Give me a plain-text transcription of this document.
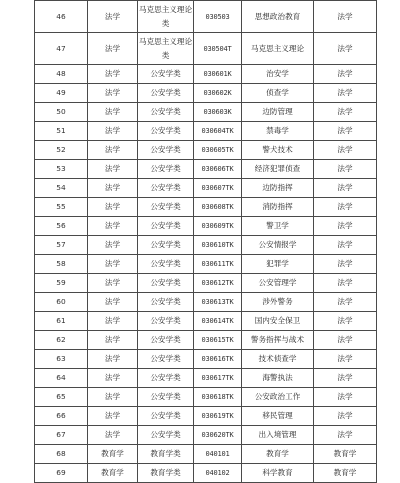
46	法学	马克思主义理论类	030503	思想政治教育	法学
47	法学	马克思主义理论类	030504T	马克思主义理论	法学
48	法学	公安学类	030601K	治安学	法学
49	法学	公安学类	030602K	侦查学	法学
50	法学	公安学类	030603K	边防管理	法学
51	法学	公安学类	030604TK	禁毒学	法学
52	法学	公安学类	030605TK	警犬技术	法学
53	法学	公安学类	030606TK	经济犯罪侦查	法学
54	法学	公安学类	030607TK	边防指挥	法学
55	法学	公安学类	030608TK	消防指挥	法学
56	法学	公安学类	030609TK	警卫学	法学
57	法学	公安学类	030610TK	公安情报学	法学
58	法学	公安学类	030611TK	犯罪学	法学
59	法学	公安学类	030612TK	公安管理学	法学
60	法学	公安学类	030613TK	涉外警务	法学
61	法学	公安学类	030614TK	国内安全保卫	法学
62	法学	公安学类	030615TK	警务指挥与战术	法学
63	法学	公安学类	030616TK	技术侦查学	法学
64	法学	公安学类	030617TK	海警执法	法学
65	法学	公安学类	030618TK	公安政治工作	法学
66	法学	公安学类	030619TK	移民管理	法学
67	法学	公安学类	030620TK	出入境管理	法学
68	教育学	教育学类	040101	教育学	教育学
69	教育学	教育学类	040102	科学教育	教育学
